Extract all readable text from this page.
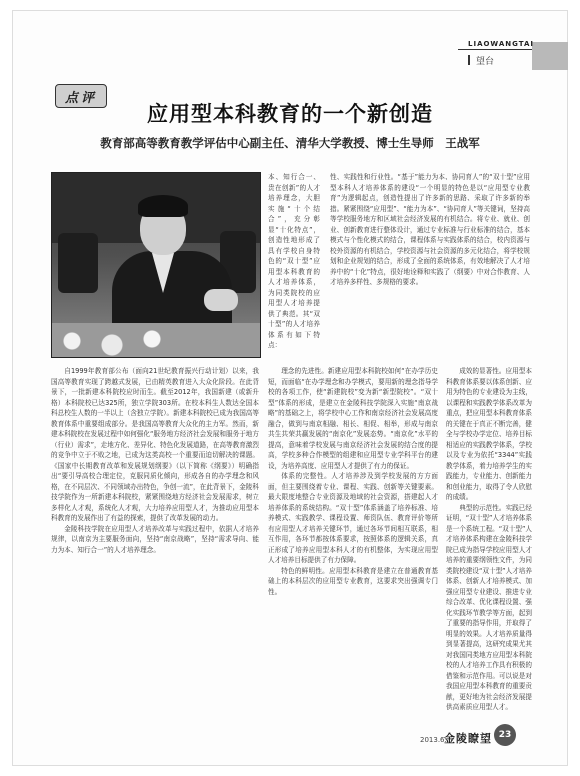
LIAOWANGTAI
望台
点评
应用型本科教育的一个新创造
教育部高等教育教学评估中心副主任、清华大学教授、博士生导师　王战军

本、知行合一、贵在创新”的人才培养理念，大胆实施“十个结合”，充分彰显“十化特点”，创造性地形成了具有学校自身特色的“双十型”应用型本科教育的人才培养体系，为同类院校的应用型人才培养提供了典范。其“双十型”的人才培养体系有如下特点：

自1999年教育部公布（面向21世纪教育振兴行动计划）以来，我国高等教育实现了跨越式发展，已由精英教育进入大众化阶段。在此背景下，一批新建本科院校应时而生。截至2012年，我国新建（或新升格）本科院校已达325所，独立学院303所。在校本科生人数达全国本科总校生人数的一半以上（含独立学院）。新建本科院校已成为我国高等教育体系中重要组成部分。是我国高等教育大众化的主力军。然而，新建本科院校在发展过程中如何强化“服务地方经济社会发展和服务于地方（行业）需求”，走地方化、差异化、特色化发展道路，在高等教育激烈的竞争中立于不败之地，已成为这类高校一个重要而迫切解决的课题。《国家中长期教育改革和发展规划纲要》（以下简称《纲要》）明确指出“要引导高校合理定位，克服同质化倾向，形成各自的办学理念和风格，在不同层次、不同领域办出特色，争创一流”，在此背景下，金陵科技学院作为一所新建本科院校，紧紧围绕地方经济社会发展需求，树立多样化人才观，系统化人才观，大力培养应用型人才，为推动应用型本科教育的发展作出了有益的探索，提供了改革发展的动力。

金陵科技学院在应用型人才培养改革与实践过程中，依据人才培养规律，以南京为主要服务面向，坚持“南京战略”，坚持“需求导向、能力为本、知行合一”的人才培养理念。

理念的先进性。新建应用型本科院校如何“在办学历史短，而面临“在办学理念和办学模式，要用新的理念指导学校的各项工作，使“新建院校”变为新“新型院校”。“双十型”体系的形成，是建立在金陵科技学院深入实施“南京战略”的基础之上，将学校中心工作和南京经济社会发展高度融合，做到与南京相融、相长、相促、相举，形成与南京共生共荣共赢发展的“南京化”发展态势。“南京化”水平的提高，意味着学校发展与南京经济社会发展的结合度的提高，学校多种合作模型的组建和应用型专业学科平台的建设，为培养高度、应用型人才提供了有力的保证。

体系的完整性。人才培养涉及到学校发展的方方面面，但主要围绕着专业、课程、实践、创新等关键要素。最大限度地整合专业资源及地域的社会资源，搭建起人才培养体系的系统结构。“双十型”体系涵盖了培养标准、培养模式、实践教学、课程设置、师资队伍、教育评价等所有应用型人才培养关键环节，通过各环节间相互联系，相互作用，各环节都按体系要求，按照体系的逻辑关系，真正形成了培养应用型本科人才的有机整体，为实现应用型人才培养目标提供了有力保障。

特色的鲜明性。应用型本科教育是建立在普通教育基础上的本科层次的应用型专业教育，这要求突出强调专门性。

性、实践性和行业性。“基于”能力为本、协同育人”的“双十型”应用型本科人才培养体系的建设“一个明显的特色是以“应用型专业教育”为逻辑起点，创造性提出了许多新的思路、采取了许多新的举措。紧紧围绕“应用型”、“能力为本”、“协同育人”等关键词，坚持高等学校服务地方和区域社会经济发展的有机结合。将专业、就业、创业、创新教育进行整体设计，通过专业标准与行业标准的结合，基本模式与个性化模式的结合，课程体系与实践体系的结合，校内资源与校外资源的有机结合，学校资源与社会资源的多元化结合，将学校规划和企业规划的结合，形成了全面的系统体系，有效地解决了人才培养中的“十化”特点，很好地诠释和实践了（纲要）中对合作教育、人才培养多样性、多规格的要求。

成效的显著性。应用型本科教育体系要以体系创新、应用为特色的专业建设为主线，以课程和实践教学体系改革为重点，把应用型本科教育体系的关键在于真正不断完善，健全与学校办学定位、培养目标相适应的实践教学体系，学校以及专业为依托“3344”实践教学体系，着力培养学生的实践能力，专业能力、创新能力和创业能力，取得了令人欣慰的成绩。

典型的示范性。实践已经证明，“双十型”人才培养体系是一个系统工程。“双十型”人才培养体系构建在金陵科技学院已成为指导学校应用型人才培养的重要纲领性文件，为同类院校建设“双十型”人才培养体系、创新人才培养模式、加强应用型专业建设、推进专业综合改革、优化课程设置、强化实践环节教学等方面，起到了重要的指导作用，并取得了明显的效果。人才培养质量得到显著提高，这研究成果尤其对我国同类地方应用型本科院校的人才培养工作具有积极的借鉴和示范作用。可以说是对我国应用型本科教育的重要贡献，更好地为社会经济发展提供高素质应用型人才。

2013.6.
金陵瞭望 23
